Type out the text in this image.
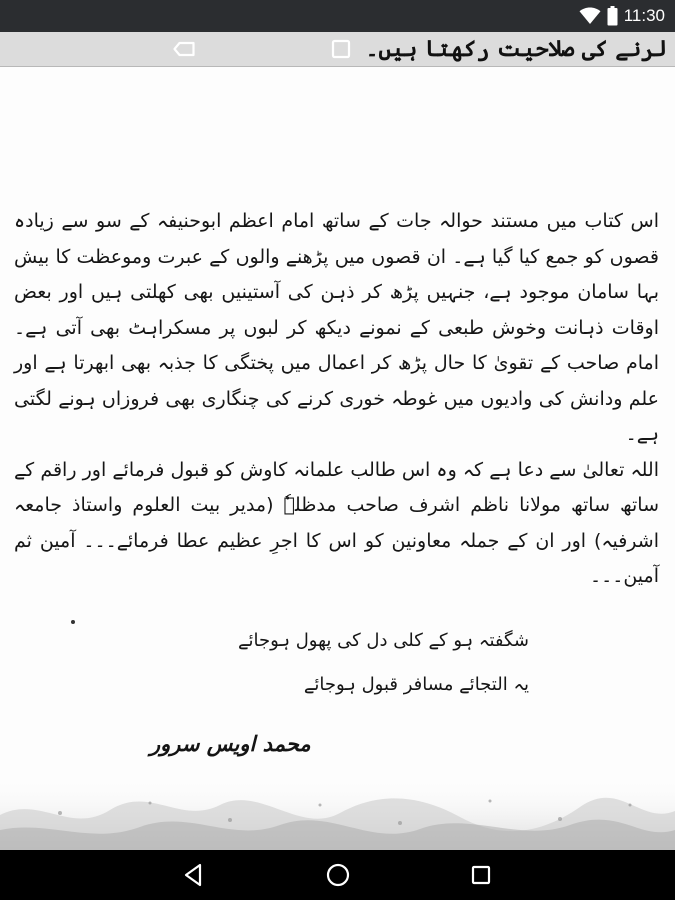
11:30
لرنے کی صلاحیت رکھتا ہیں۔

اس کتاب میں مستند حوالہ جات کے ساتھ امام اعظم ابوحنیفہ کے سو سے زیادہ قصوں کو جمع کیا گیا ہے۔ ان قصوں میں پڑھنے والوں کے عبرت وموعظت کا بیش بہا سامان موجود ہے، جنہیں پڑھ کر ذہن کی آستینیں بھی کھلتی ہیں اور بعض اوقات ذہانت وخوش طبعی کے نمونے دیکھ کر لبوں پر مسکراہٹ بھی آتی ہے۔ امام صاحب کے تقویٰ کا حال پڑھ کر اعمال میں پختگی کا جذبہ بھی ابھرتا ہے اور علم ودانش کی وادیوں میں غوطہ خوری کرنے کی چنگاری بھی فروزاں ہونے لگتی ہے۔

اللہ تعالیٰ سے دعا ہے کہ وہ اس طالب علمانہ کاوش کو قبول فرمائے اور راقم کے ساتھ ساتھ مولانا ناظم اشرف صاحب مدظلہٗ (مدیر بیت العلوم واستاذ جامعہ اشرفیہ) اور ان کے جملہ معاونین کو اس کا اجرِ عظیم عطا فرمائے۔۔۔ آمین ثم آمین۔۔۔

شگفتہ ہو کے کلی دل کی پھول ہوجائے
یہ التجائے مسافر قبول ہوجائے
محمد اویس سرور
